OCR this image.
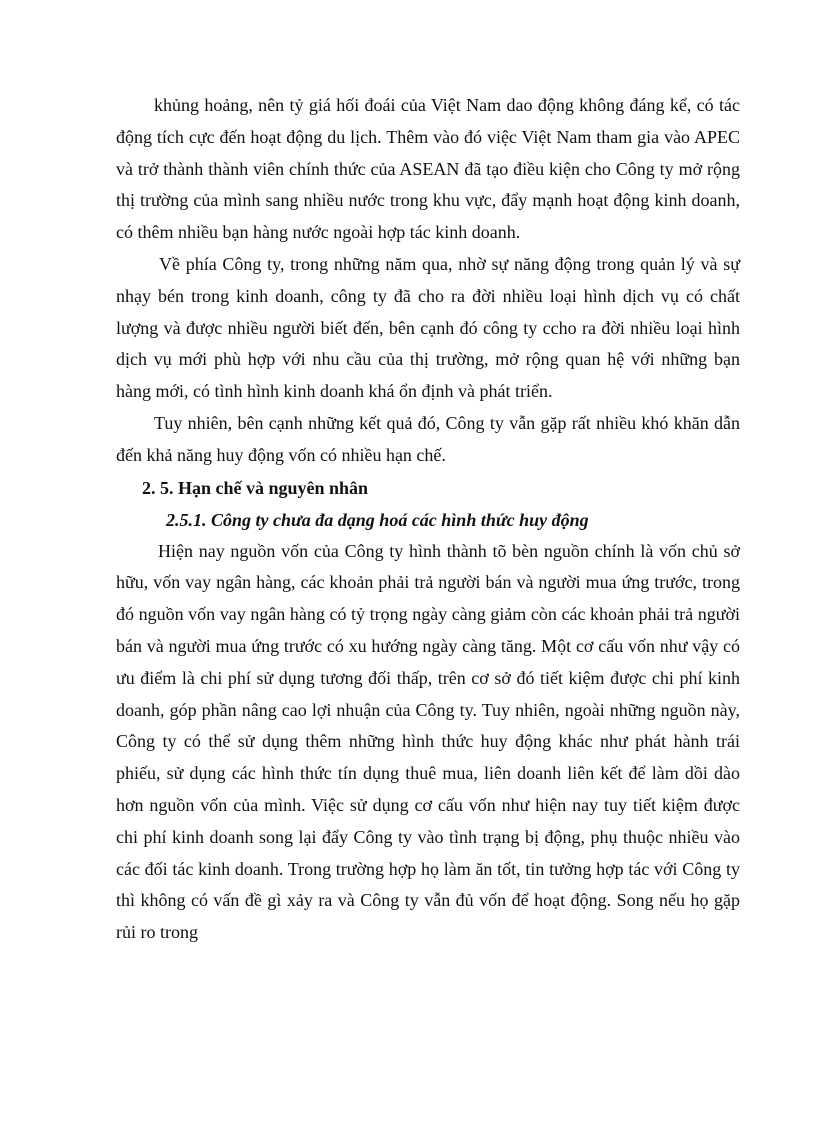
khủng hoảng, nên tỷ giá hối đoái của Việt Nam dao động không đáng kể, có tác động tích cực đến hoạt động du lịch. Thêm vào đó việc Việt Nam tham gia vào APEC và trở thành thành viên chính thức của ASEAN đã tạo điều kiện cho Công ty mở rộng thị trường của mình sang nhiều nước trong khu vực, đẩy mạnh hoạt động kinh doanh, có thêm nhiều bạn hàng nước ngoài hợp tác kinh doanh.

Về phía Công ty, trong những năm qua, nhờ sự năng động trong quản lý và sự nhạy bén trong kinh doanh, công ty đã cho ra đời nhiều loại hình dịch vụ có chất lượng và được nhiều người biết đến, bên cạnh đó công ty ccho ra đời nhiều loại hình dịch vụ mới phù hợp với nhu cầu của thị trường, mở rộng quan hệ với những bạn hàng mới, có tình hình kinh doanh khá ổn định và phát triển.

Tuy nhiên, bên cạnh những kết quả đó, Công ty vẫn gặp rất nhiều khó khăn dẫn đến khả năng huy động vốn có nhiều hạn chế.

2. 5. Hạn chế và nguyên nhân

2.5.1. Công ty chưa đa dạng hoá các hình thức huy động

Hiện nay nguồn vốn của Công ty hình thành tõ bèn nguồn chính là vốn chủ sở hữu, vốn vay ngân hàng, các khoản phải trả người bán và người mua ứng trước, trong đó nguồn vốn vay ngân hàng có tỷ trọng ngày càng giảm còn các khoản phải trả người bán và người mua ứng trước có xu hướng ngày càng tăng. Một cơ cấu vốn như vậy có ưu điểm là chi phí sử dụng tương đối thấp, trên cơ sở đó tiết kiệm được chi phí kinh doanh, góp phần nâng cao lợi nhuận của Công ty. Tuy nhiên, ngoài những nguồn này, Công ty có thể sử dụng thêm những hình thức huy động khác như phát hành trái phiếu, sử dụng các hình thức tín dụng thuê mua, liên doanh liên kết để làm dồi dào hơn nguồn vốn của mình. Việc sử dụng cơ cấu vốn như hiện nay tuy tiết kiệm được chi phí kinh doanh song lại đẩy Công ty vào tình trạng bị động, phụ thuộc nhiều vào các đối tác kinh doanh. Trong trường hợp họ làm ăn tốt, tin tưởng hợp tác với Công ty thì không có vấn đề gì xảy ra và Công ty vẫn đủ vốn để hoạt động. Song nếu họ gặp rủi ro trong
